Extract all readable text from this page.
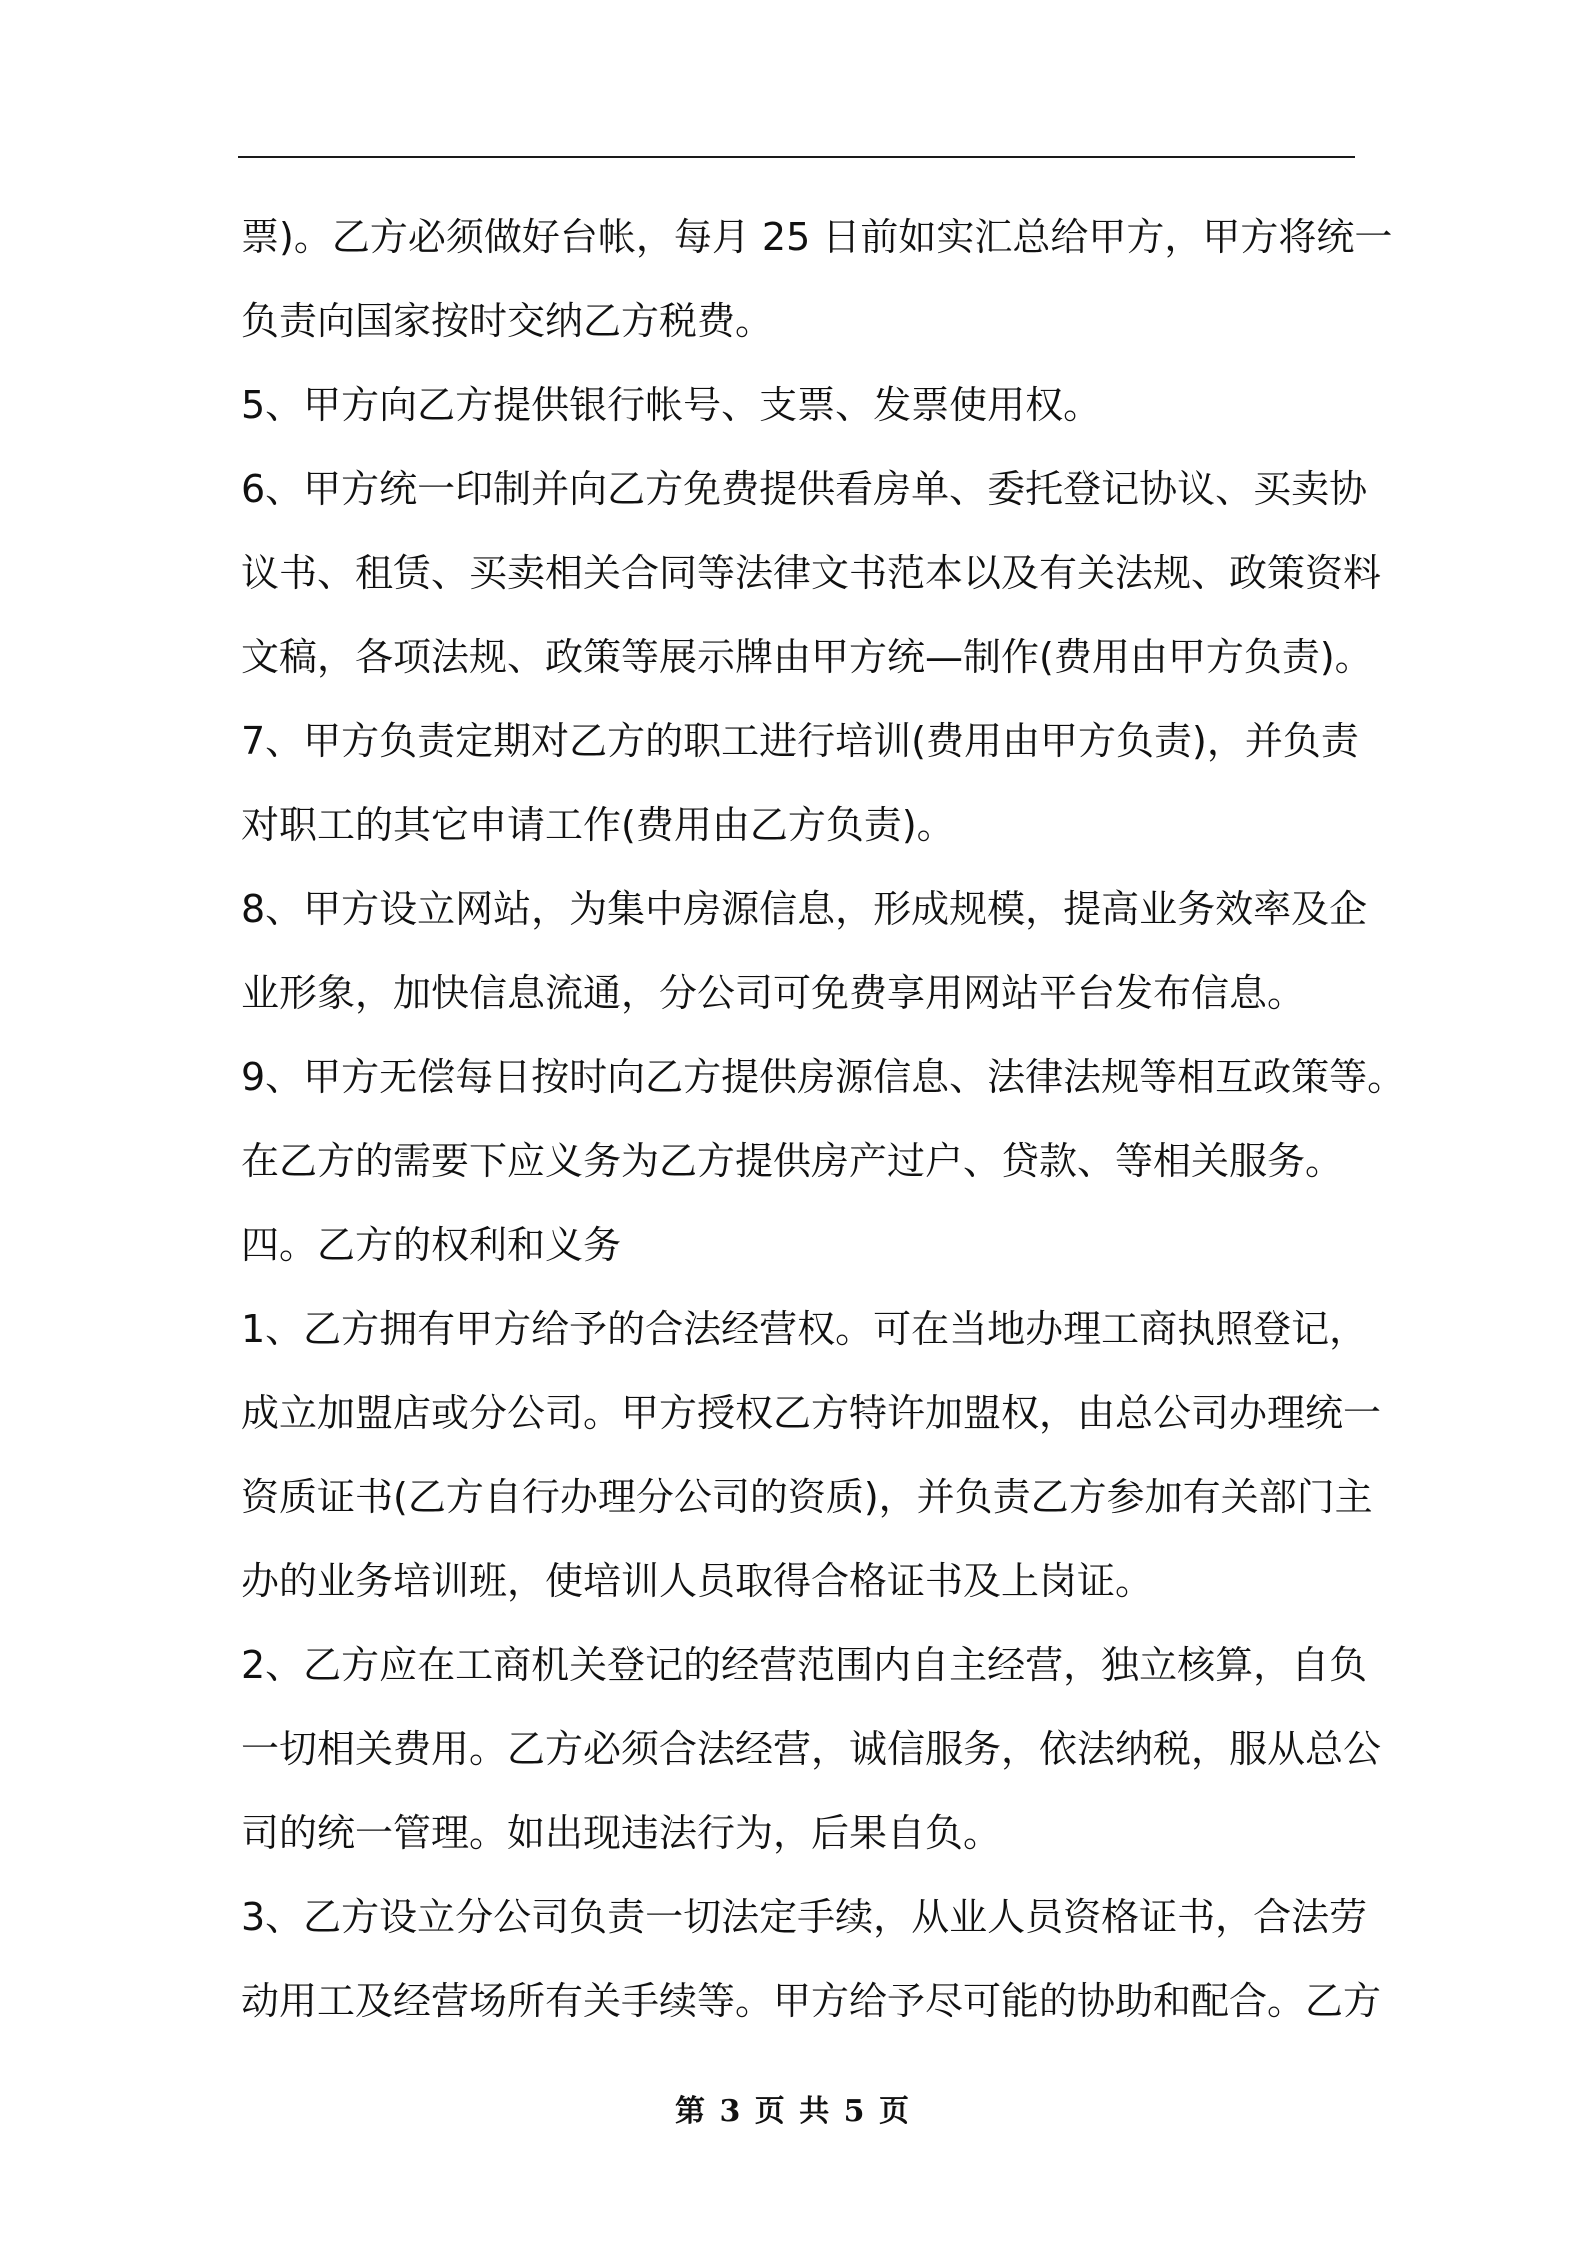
票)。乙方必须做好台帐，每月 25 日前如实汇总给甲方，甲方将统一
负责向国家按时交纳乙方税费。
5、甲方向乙方提供银行帐号、支票、发票使用权。
6、甲方统一印制并向乙方免费提供看房单、委托登记协议、买卖协
议书、租赁、买卖相关合同等法律文书范本以及有关法规、政策资料
文稿，各项法规、政策等展示牌由甲方统—制作(费用由甲方负责)。
7、甲方负责定期对乙方的职工进行培训(费用由甲方负责)，并负责
对职工的其它申请工作(费用由乙方负责)。
8、甲方设立网站，为集中房源信息，形成规模，提高业务效率及企
业形象，加快信息流通，分公司可免费享用网站平台发布信息。
9、甲方无偿每日按时向乙方提供房源信息、法律法规等相互政策等。
在乙方的需要下应义务为乙方提供房产过户、贷款、等相关服务。
四。乙方的权利和义务
1、乙方拥有甲方给予的合法经营权。可在当地办理工商执照登记，
成立加盟店或分公司。甲方授权乙方特许加盟权，由总公司办理统一
资质证书(乙方自行办理分公司的资质)，并负责乙方参加有关部门主
办的业务培训班，使培训人员取得合格证书及上岗证。
2、乙方应在工商机关登记的经营范围内自主经营，独立核算，自负
一切相关费用。乙方必须合法经营，诚信服务，依法纳税，服从总公
司的统一管理。如出现违法行为，后果自负。
3、乙方设立分公司负责一切法定手续，从业人员资格证书，合法劳
动用工及经营场所有关手续等。甲方给予尽可能的协助和配合。乙方
第 3 页 共 5 页
